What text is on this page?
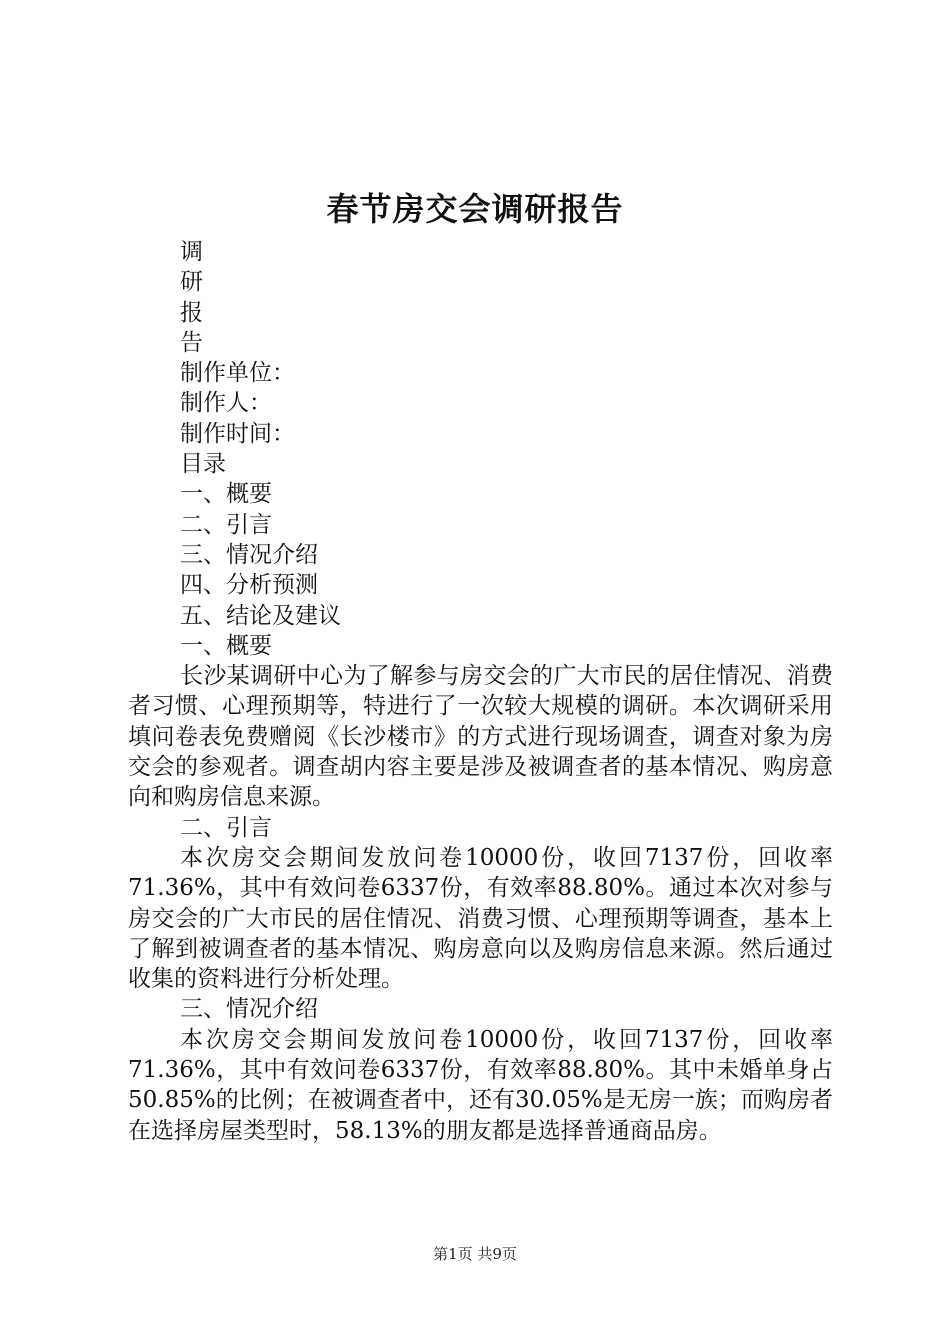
春节房交会调研报告

调

研

报

告

制作单位：

制作人：

制作时间：

目录

一、概要

二、引言

三、情况介绍

四、分析预测

五、结论及建议

一、概要

长沙某调研中心为了解参与房交会的广大市民的居住情况、消费者习惯、心理预期等，特进行了一次较大规模的调研。本次调研采用填问卷表免费赠阅《长沙楼市》的方式进行现场调查，调查对象为房交会的参观者。调查胡内容主要是涉及被调查者的基本情况、购房意向和购房信息来源。

二、引言

本次房交会期间发放问卷10000份，收回7137份，回收率71.36%，其中有效问卷6337份，有效率88.80%。通过本次对参与房交会的广大市民的居住情况、消费习惯、心理预期等调查，基本上了解到被调查者的基本情况、购房意向以及购房信息来源。然后通过收集的资料进行分析处理。

三、情况介绍

本次房交会期间发放问卷10000份，收回7137份，回收率71.36%，其中有效问卷6337份，有效率88.80%。其中未婚单身占50.85%的比例；在被调查者中，还有30.05%是无房一族；而购房者在选择房屋类型时，58.13%的朋友都是选择普通商品房。

第1页 共9页
